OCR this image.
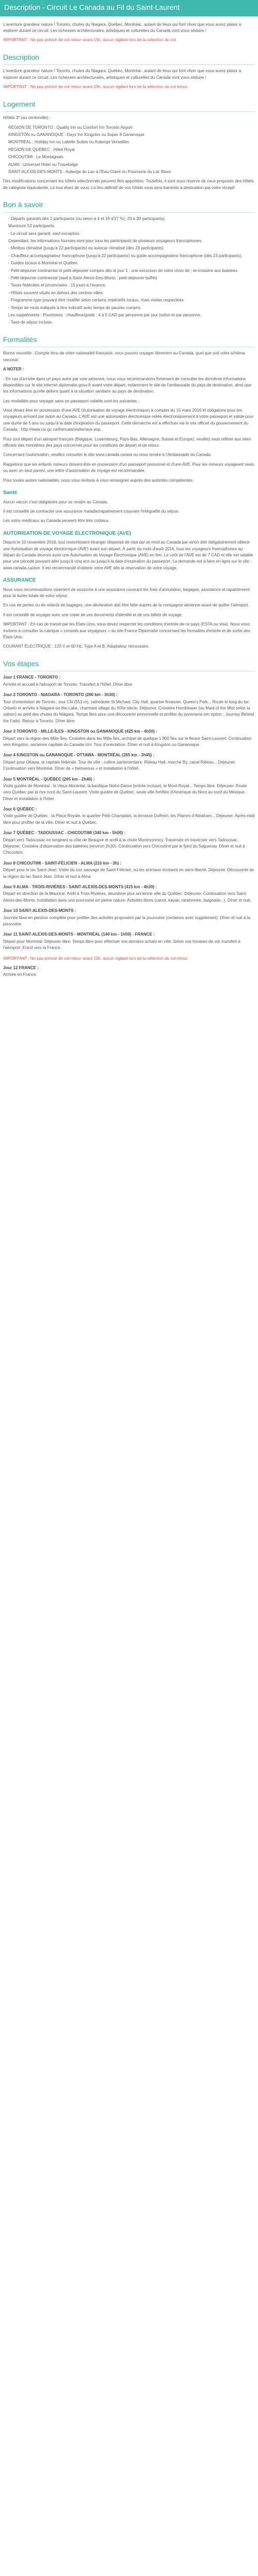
Description - Circuit Le Canada au Fil du Saint-Laurent

L'aventure grandeur nature ! Toronto, chutes du Niagara, Québec, Montréal...autant de lieux qui font rêver que vous aurez plaisir à explorer durant ce circuit. Les richesses architecturales, artistiques et culturelles du Canada vont vous séduire !

IMPORTANT : Ne pas prévoir de vol retour avant 15h, aucun vigilant lors de la sélection du vol.

Description

L'aventure grandeur nature ! Toronto, chutes du Niagara, Québec, Montréal...autant de lieux qui font rêver que vous aurez plaisir à explorer durant ce circuit. Les richesses architecturales, artistiques et culturelles du Canada vont vous séduire !

IMPORTANT : Ne pas prévoir de vol retour avant 15h, aucun vigilant lors de la sélection du vol retour.

Logement

Hôtels 3* (au centreville) :

RÉGION DE TORONTO : Quality Inn ou Comfort Inn Toronto Airport
KINGSTON ou GANANOQUE : Days Inn Kingston ou Super 8 Gananoque
MONTRÉAL : Holiday Inn ou Labelle Suites ou Auberge Versailles
RÉGION DE QUÉBEC : Hôtel Royal
CHICOUTIMI : Le Montagnais
ALMA : Universel Hotel ou Travelodge
SAINT-ALEXIS-DES-MONTS : Auberge du Lac-à-l'Eau-Claire ou Pourvoirie du Lac Blanc

Des modifications concernant les hôtels sélectionnés peuvent être apportées. Toutefois, il sont sous réserve de ceux proposés des hôtels de catégorie équivalente. Le tout étant de vous. Le lieu définitif de vos hôtels vous sera transmis à destination par votre récepif.

Bon à savoir
- Départs garantis dès 2 participants (ou selon à 4 et 16 d'27 %), 20 à 30 participants).
Maximum 53 participants.
- Le circuit sera garanti, sauf exception.
Cependant, les informations fournies sont pour tous les participants de plusieurs voyageurs francophones.
- Minibus climatisé (jusqu'à 22 participants) ou autocar climatisé (dès 23 participants).
- Chauffeur accompagnateur francophone (jusqu'à 22 participants) ou guide accompagnateur francophone (dès 23 participants).
- Guides locaux à Montréal et Québec.
- Petit-déjeuner continental et petit-déjeuner compris dès le jour 1 ; une excursion de votre choix de ; et croisière aux baleines
- Petit-déjeuner continental (sauf à Saint-Alexis-Des-Monts : petit-déjeuner buffet).
- Taxes fédérales et provinciales : 15 jours à l'avance.
- Hôtels souvent situés en dehors des centres-villes.
- Programme type pouvant être modifié selon certains impératifs locaux, mais visites respectées.
- Temps de route indiqués à titre indicatif avec temps de pauses compris.
Les suppléments : Pourboires : chauffeur/guide : 4 à 5 CAD par personne par jour (selon et par personne.
- Taxe de séjour incluse.
Formalités

Bonne nouvelle : Compte tenu de votre nationalité française, vous pouvez voyager librement au Canada, quel que soit votre schéma vaccinal.

A NOTER :

- En cas d'arrivée dans un pays autre par voie aérienne, nous vous recommandons fortement de consulter les dernières informations disponibles sur le site internet diplomatie.gouv.fr avant votre départ, notamment le site de l'ambassade du pays de destination, ainsi que les informations qu'elle délivre quant à la situation sanitaire au pays de destination.

Les modalités pour voyager sans un passeport valable sont les suivantes :

Vous devez être en possession d'une AVE (Autorisation de voyage électronique) à compter du 15 mars 2016 et obligatoire pour les voyageurs arrivant par avion au Canada. L'AVE est une autorisation électronique reliée électroniquement à votre passeport et valide pour une durée de 5 ans ou jusqu'à la date d'expiration du passeport. Cette démarche est à effectuer via le site officiel du gouvernement du Canada : http://www.cic.gc.ca/francais/visiter/ave.asp.

Pour tout départ d'un aéroport français (Belgique, Luxembourg, Pays-Bas, Allemagne, Suisse et Europe), veuillez vous référer aux sites officiels des ministères des pays concernés pour les conditions de départ et de retour.

Concernant l'autorisation, veuillez consulter le site www.canada.ca/ave ou vous rendre à l'Ambassade du Canada.

Rappelons que les enfants mineurs doivent être en possession d'un passeport personnel et d'une AVE. Pour les mineurs voyageant seuls ou avec un seul parent, une lettre d'autorisation de voyage est recommandée.

Pour toutes autres nationalités, nous vous invitons à vous renseigner auprès des autorités compétentes.

Santé

Aucun vaccin n'est obligatoire pour se rendre au Canada.

Il est conseillé de contracter une assurance maladie/rapatriement couvrant l'intégralité du séjour.

Les soins médicaux au Canada peuvent être très coûteux.

AUTORISATION DE VOYAGE ÉLECTRONIQUE (AVE)

Depuis le 10 novembre 2016, tout ressortissant étranger dispensé de visa qui se rend au Canada par avion doit obligatoirement obtenir une Autorisation de voyage électronique (AVE) avant son départ. À partir du mois d'août 2016, tous les voyageurs francophones au départ du Canada devront avoir une Autorisation de Voyage Électronique (AVE) en lien. Le coût de l'AVE est de 7 CAD et elle est valable pour une période pouvant aller jusqu'à cinq ans ou jusqu'à la date d'expiration du passeport. La demande est à faire en ligne sur le site : www.canada.ca/ave. Il est recommandé d'obtenir votre AVE dès la réservation de votre voyage.

ASSURANCE

Nous vous recommandons vivement de souscrire à une assurance couvrant les frais d'annulation, bagages, assistance et rapatriement pour la durée totale de votre séjour.

En cas de pertes ou de retards de bagages, une déclaration doit être faite auprès de la compagnie aérienne avant de quitter l'aéroport.

Il est conseillé de voyager avec une copie de vos documents d'identité et de vos billets de voyage.

IMPORTANT : En cas de transit par les États-Unis, vous devez respecter les conditions d'entrée de ce pays (ESTA ou visa). Nous vous invitons à consulter la rubrique « conseils aux voyageurs » du site France Diplomatie concernant les formalités d'entrée et de sortie des États-Unis.

COURANT ÉLECTRIQUE : 120 V et 60 Hz. Type A et B. Adaptateur nécessaire.

Vos étapes
Jour 1 FRANCE - TORONTO :
Arrivée et accueil à l'aéroport de Toronto. Transfert à l'hôtel. Dîner libre.
Jour 2 TORONTO - NIAGARA - TORONTO (260 km - 3h30) :
Tour d'orientation de Toronto : tour CN (553 m), cathédrale St Michael, City Hall, quartier financier, Queen's Park... Route le long du lac Ontario et arrivée à Niagara-on-the-Lake, charmant village du XIXe siècle. Déjeuner. Croisière Hornblower (ou Maid of the Mist selon la saison) au pied des chutes du Niagara. Temps libre pour une découverte personnelle et profiter du panorama (en option : Journey Behind the Falls). Retour à Toronto. Dîner libre.
Jour 3 TORONTO - MILLE-ÎLES - KINGSTON ou GANANOQUE (425 km - 4h50) :
Départ vers la région des Mille-Îles. Croisière dans les Mille-Îles, archipel de quelque 1 800 îles sur le fleuve Saint-Laurent. Continuation vers Kingston, ancienne capitale du Canada-Uni. Tour d'orientation. Dîner et nuit à Kingston ou Gananoque.
Jour 4 KINGSTON ou GANANOQUE - OTTAWA - MONTRÉAL (355 km - 3h45) :
Départ pour Ottawa, la capitale fédérale. Tour de ville : colline parlementaire, Rideau Hall, marché By, canal Rideau... Déjeuner. Continuation vers Montréal. Dîner de « bienvenue » et installation à l'hôtel.
Jour 5 MONTRÉAL - QUÉBEC (265 km - 2h40) :
Visite guidée de Montréal : le Vieux-Montréal, la basilique Notre-Dame (entrée incluse), le Mont-Royal... Temps libre. Déjeuner. Route vers Québec par la rive nord du Saint-Laurent. Visite guidée de Québec, seule ville fortifiée d'Amérique du Nord au nord du Mexique. Dîner et installation à l'hôtel.
Jour 6 QUÉBEC :
Visite guidée de Québec : la Place Royale, le quartier Petit-Champlain, la terrasse Dufferin, les Plaines d'Abraham... Déjeuner. Après-midi libre pour profiter de la ville. Dîner et nuit à Québec.
Jour 7 QUÉBEC - TADOUSSAC - CHICOUTIMI (340 km - 5h00) :
Départ vers Tadoussac en longeant la côte de Beaupré et arrêt à la chute Montmorency. Traversée en traversier vers Tadoussac. Déjeuner. Croisière d'observation des baleines (environ 2h30). Continuation vers Chicoutimi par le fjord du Saguenay. Dîner et nuit à Chicoutimi.
Jour 8 CHICOUTIMI - SAINT-FÉLICIEN - ALMA (210 km - 3h) :
Départ pour le lac Saint-Jean. Visite du zoo sauvage de Saint-Félicien, où les animaux évoluent en semi-liberté. Déjeuner. Découverte de la région du lac Saint-Jean. Dîner et nuit à Alma.
Jour 9 ALMA - TROIS-RIVIÈRES - SAINT-ALEXIS-DES-MONTS (415 km - 4h30) :
Départ en direction de la Mauricie. Arrêt à Trois-Rivières, deuxième plus ancienne ville du Québec. Déjeuner. Continuation vers Saint-Alexis-des-Monts. Installation dans une pourvoirie en pleine nature. Activités libres (canot, kayak, randonnée, baignade...). Dîner et nuit.
Jour 10 SAINT-ALEXIS-DES-MONTS :
Journée libre en pension complète pour profiter des activités proposées par la pourvoirie (certaines avec supplément). Dîner et nuit à la pourvoirie.
Jour 11 SAINT-ALEXIS-DES-MONTS - MONTRÉAL (140 km - 1h50) - FRANCE :
Départ pour Montréal. Déjeuner libre. Temps libre pour effectuer vos derniers achats en ville. Selon vos horaires de vol, transfert à l'aéroport. Envol vers la France.

IMPORTANT : Ne pas prévoir de vol retour avant 15h, aucun vigilant lors de la sélection du vol retour.

Jour 12 FRANCE :
Arrivée en France.
